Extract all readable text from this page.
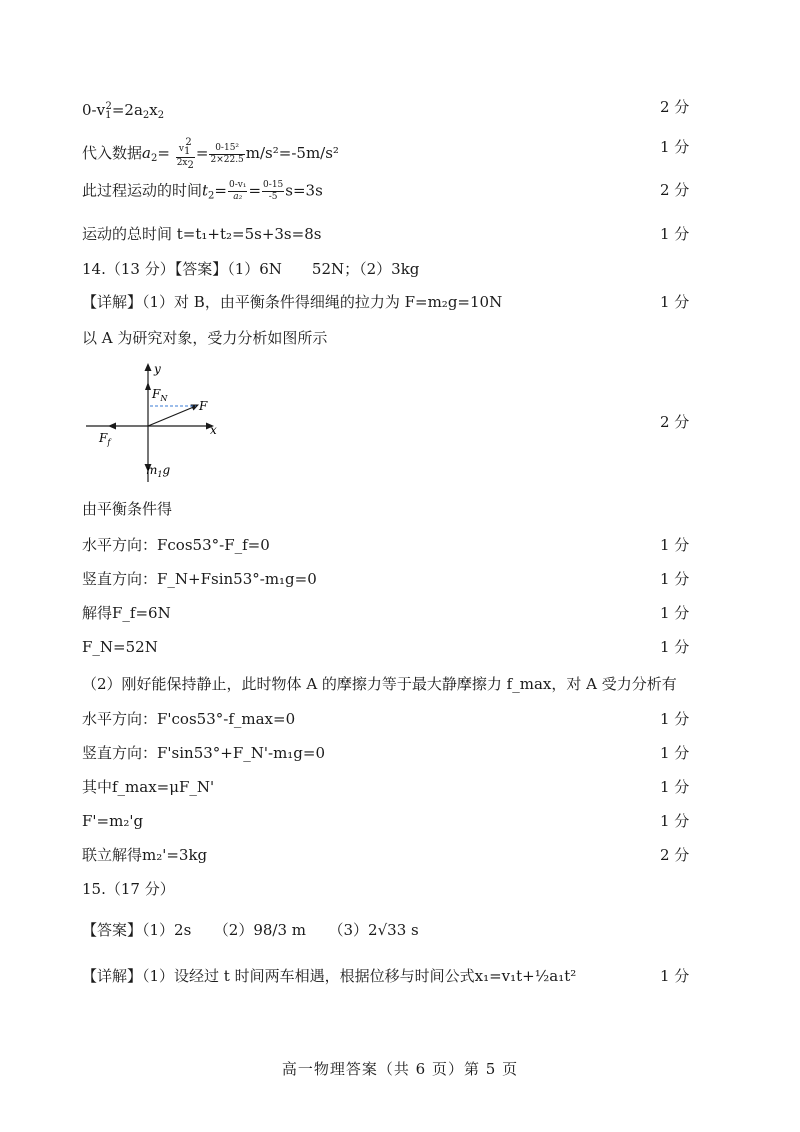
$0-v_1^2=2a_2x_2$	2 分
代入数据$a_2= \frac{v_1^2}{2x_2} = \frac{\text{0-15²}}{2\times 22.5} m/s^2=-5m/s^2$	1 分
此过程运动的时间$t_2= \frac{\text{0-v₁}}{\text{a₂}} = \frac{0-15}{-5} s=3s$	2 分
运动的总时间 t=t₁+t₂=5s+3s=8s	1 分
14.（13 分）【答案】（1）6N　　52N；（2）3kg
【详解】（1）对 B，由平衡条件得细绳的拉力为 F=m₂g=10N	1 分
以 A 为研究对象，受力分析如图所示
y
x
F
$F_N$
$F_f$
$m_1g$
2 分
由平衡条件得
水平方向：Fcos53°-F_f=0	1 分
竖直方向：F_N+Fsin53°-m₁g=0	1 分
解得F_f=6N	1 分
F_N=52N	1 分
（2）刚好能保持静止，此时物体 A 的摩擦力等于最大静摩擦力 f_max，对 A 受力分析有
水平方向：F'cos53°-f_max=0	1 分
竖直方向：F'sin53°+F_N'-m₁g=0	1 分
其中f_max=μF_N'	1 分
F'=m₂'g	1 分
联立解得m₂'=3kg	2 分
15.（17 分）
【答案】（1）2s　　（2）98/3 m　　（3）2√33 s
【详解】（1）设经过 t 时间两车相遇，根据位移与时间公式x₁=v₁t+½a₁t²	1 分
高一物理答案（共 6 页）第 5 页
